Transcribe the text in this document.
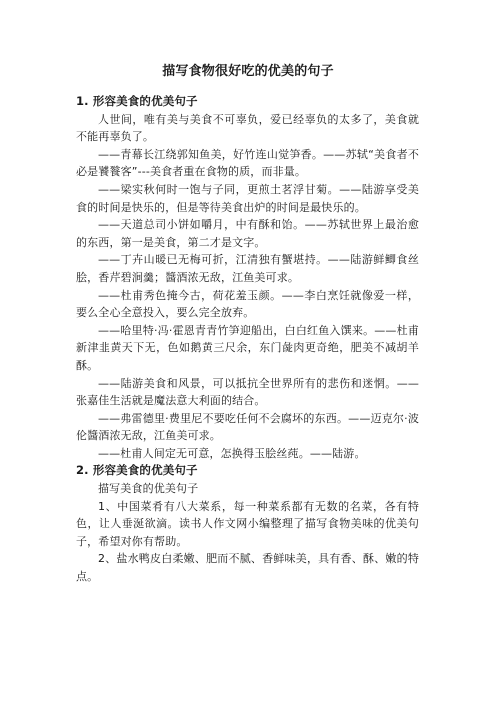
描写食物很好吃的优美的句子
1. 形容美食的优美句子

人世间，唯有美与美食不可辜负，爱已经辜负的太多了，美食就不能再辜负了。

——青幕长江绕郭知鱼美，好竹连山觉笋香。——苏轼“美食者不必是饕餮客”---美食者重在食物的质，而非量。

——梁实秋何时一饱与子同，更煎土茗浮甘菊。——陆游享受美食的时间是快乐的，但是等待美食出炉的时间是最快乐的。

——天道总司小饼如嚼月，中有酥和饴。——苏轼世界上最治愈的东西，第一是美食，第二才是文字。

——丁卉山暖已无梅可折，江清独有蟹堪持。——陆游鲜鲫食丝脍，香芹碧涧羹；醬酒浓无敌，江鱼美可求。

——杜甫秀色掩今古，荷花羞玉颜。——李白烹饪就像爱一样，要么全心全意投入，要么完全放弃。

——哈里特·冯·霍恩青青竹笋迎船出，白白红鱼入馔来。——杜甫新津韭黄天下无，色如鹅黄三尺余，东门彘肉更奇绝，肥美不减胡羊酥。

——陆游美食和风景，可以抵抗全世界所有的悲伤和迷惘。——张嘉佳生活就是魔法意大利面的结合。

——弗雷德里·费里尼不要吃任何不会腐坏的东西。——迈克尔·波伦醬酒浓无敌，江鱼美可求。

——杜甫人间定无可意，怎换得玉脍丝莼。——陆游。

2. 形容美食的优美句子

描写美食的优美句子

1、中国菜肴有八大菜系，每一种菜系都有无数的名菜，各有特色，让人垂涎欲滴。读书人作文网小编整理了描写食物美味的优美句子，希望对你有帮助。

2、盐水鸭皮白柔嫩、肥而不腻、香鲜味美，具有香、酥、嫩的特点。
